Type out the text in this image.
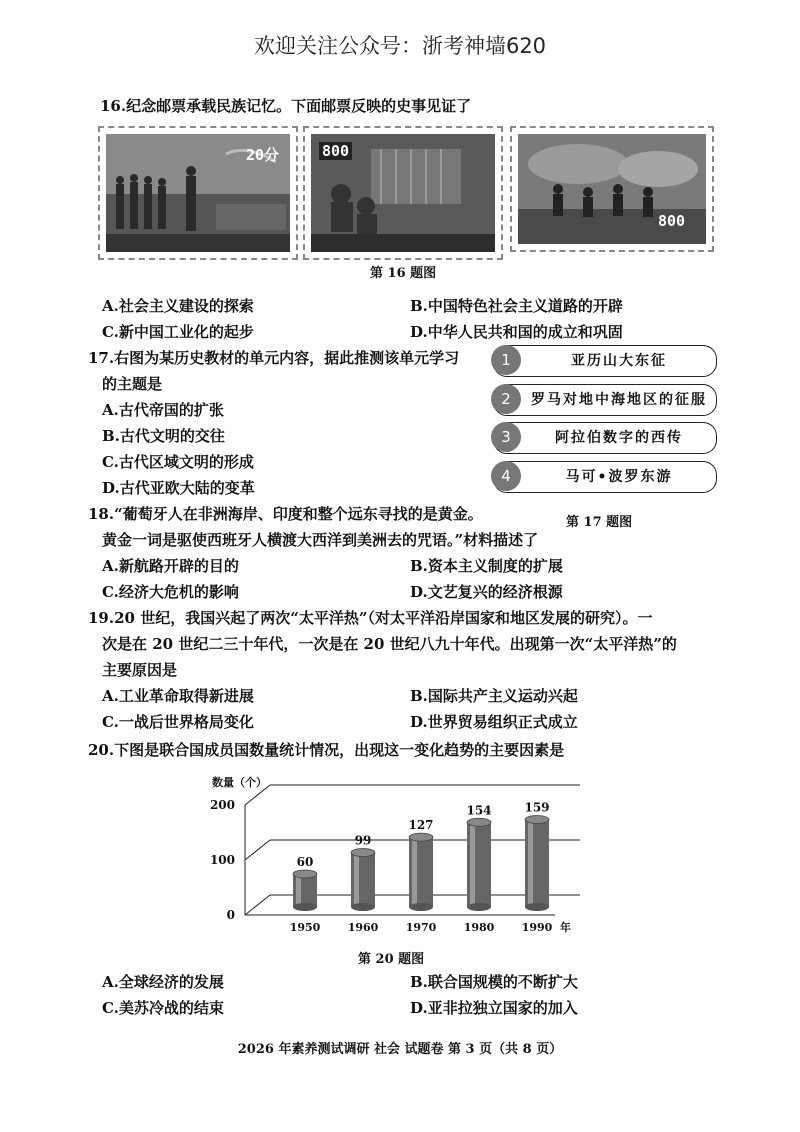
欢迎关注公众号：浙考神墙620
16.纪念邮票承载民族记忆。下面邮票反映的史事见证了
20分	800
800
第 16 题图
A.社会主义建设的探索	B.中国特色社会主义道路的开辟
C.新中国工业化的起步	D.中华人民共和国的成立和巩固
17.右图为某历史教材的单元内容，据此推测该单元学习
的主题是
A.古代帝国的扩张
B.古代文明的交往
C.古代区域文明的形成
D.古代亚欧大陆的变革
1	亚历山大东征
2	罗马对地中海地区的征服
3	阿拉伯数字的西传
4	马可•波罗东游
第 17 题图
18.“葡萄牙人在非洲海岸、印度和整个远东寻找的是黄金。
黄金一词是驱使西班牙人横渡大西洋到美洲去的咒语。”材料描述了
A.新航路开辟的目的	B.资本主义制度的扩展
C.经济大危机的影响	D.文艺复兴的经济根源
19.20 世纪，我国兴起了两次“太平洋热”（对太平洋沿岸国家和地区发展的研究）。一
次是在 20 世纪二三十年代，一次是在 20 世纪八九十年代。出现第一次“太平洋热”的
主要原因是
A.工业革命取得新进展	B.国际共产主义运动兴起
C.一战后世界格局变化	D.世界贸易组织正式成立
20.下图是联合国成员国数量统计情况，出现这一变化趋势的主要因素是
数量（个）
0
100
200
60
1950
99
1960
127
1970
154
1980
159
1990 年
第 20 题图
A.全球经济的发展	B.联合国规模的不断扩大
C.美苏冷战的结束	D.亚非拉独立国家的加入
2026 年素养测试调研 社会 试题卷 第 3 页（共 8 页）
